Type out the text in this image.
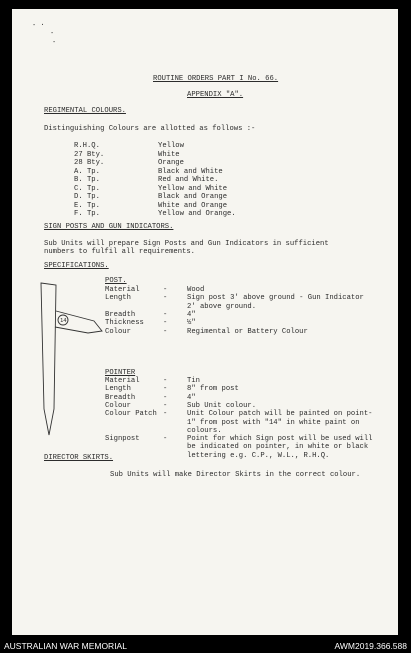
- ·
-
-
ROUTINE ORDERS PART I No. 66.
APPENDIX "A".
REGIMENTAL COLOURS.
Distinguishing Colours are allotted as follows :-
R.H.Q.	Yellow
27 Bty.	White
28 Bty.	Orange
A. Tp.	Black and White
B. Tp.	Red and White.
C. Tp.	Yellow and White
D. Tp.	Black and Orange
E. Tp.	White and Orange
F. Tp.	Yellow and Orange.
SIGN POSTS AND GUN INDICATORS.
Sub Units will prepare Sign Posts and Gun Indicators in sufficient
numbers to fulfil all requirements.
SPECIFICATIONS.
14
POST.
Material	-	Wood
Length	-	Sign post 3' above ground - Gun Indicator
2' above ground.
Breadth	-	4"
Thickness	-	½"
Colour	-	Regimental or Battery Colour
POINTER
Material	-	Tin
Length	-	8" from post
Breadth	-	4"
Colour	-	Sub Unit colour.
Colour Patch -	Unit Colour patch will be painted on point-
1" from post with "14" in white paint on
colours.
Signpost	-	Point for which Sign post will be used will
be indicated on pointer, in white or black
lettering e.g. C.P., W.L., R.H.Q.
DIRECTOR SKIRTS.
Sub Units will make Director Skirts in the correct colour.
AUSTRALIAN WAR MEMORIAL	AWM2019.366.588
